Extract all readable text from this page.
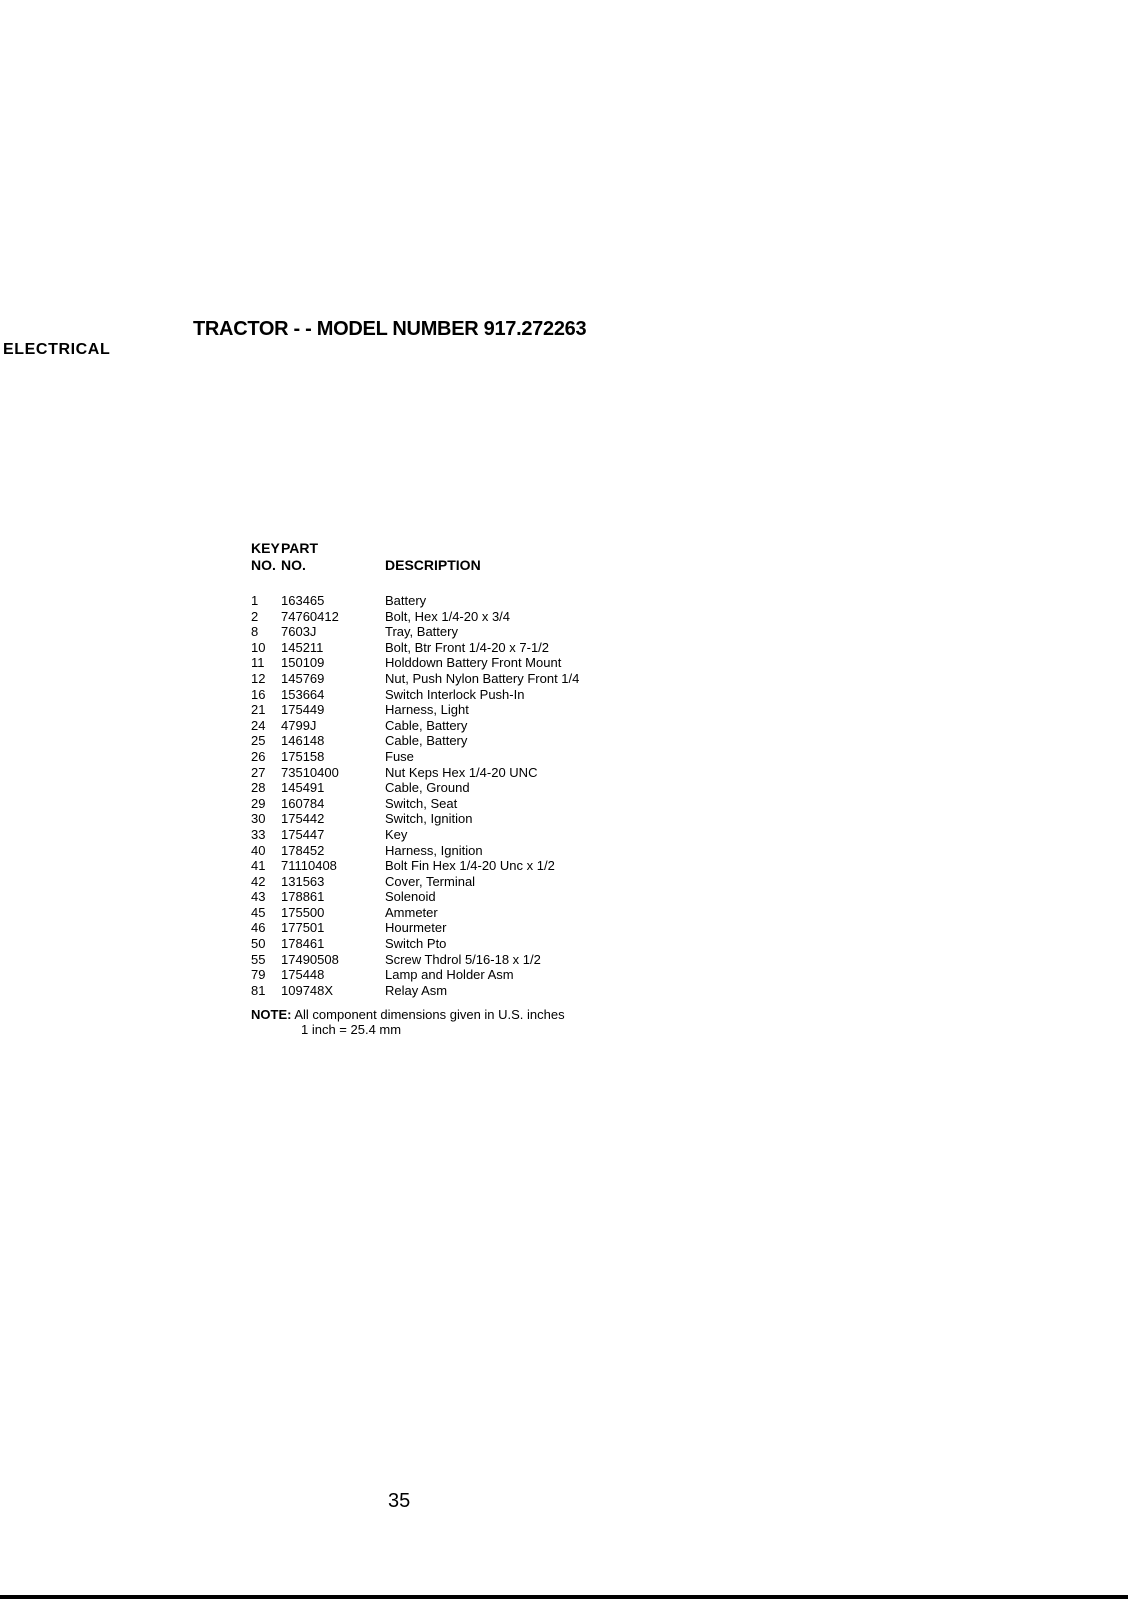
TRACTOR - - MODEL NUMBER 917.272263
ELECTRICAL
KEY
NO.
PART
NO.	DESCRIPTION
1 163465	Battery
2 74760412	Bolt, Hex 1/4-20 x 3/4
8 7603J	Tray, Battery
10 145211	Bolt, Btr Front 1/4-20 x 7-1/2
11 150109	Holddown Battery Front Mount
12 145769	Nut, Push Nylon Battery Front 1/4
16 153664	Switch Interlock Push-In
21 175449	Harness, Light
24 4799J	Cable, Battery
25 146148	Cable, Battery
26 175158	Fuse
27 73510400	Nut Keps Hex 1/4-20 UNC
28 145491	Cable, Ground
29 160784	Switch, Seat
30 175442	Switch, Ignition
33 175447	Key
40 178452	Harness, Ignition
41 71110408	Bolt Fin Hex 1/4-20 Unc x 1/2
42 131563	Cover, Terminal
43 178861	Solenoid
45 175500	Ammeter
46 177501	Hourmeter
50 178461	Switch Pto
55 17490508	Screw Thdrol 5/16-18 x 1/2
79 175448	Lamp and Holder Asm
81 109748X	Relay Asm
NOTE: All component dimensions given in U.S. inches
1 inch = 25.4 mm
35
